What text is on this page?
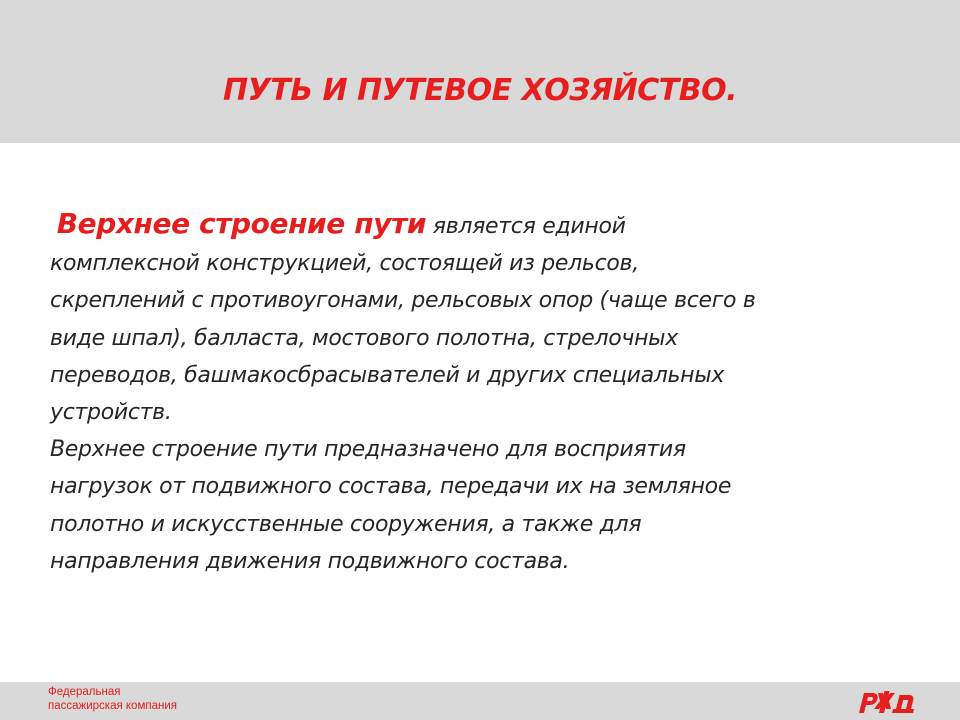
ПУТЬ И ПУТЕВОЕ ХОЗЯЙСТВО.
Верхнее строение пути является единой
комплексной конструкцией, состоящей из рельсов,
скреплений с противоугонами, рельсовых опор (чаще всего в
виде шпал), балласта, мостового полотна, стрелочных
переводов, башмакосбрасывателей и других специальных
устройств.
Верхнее строение пути предназначено для восприятия
нагрузок от подвижного состава, передачи их на земляное
полотно и искусственные сооружения, а также для
направления движения подвижного состава.
Федеральная
пассажирская компания
